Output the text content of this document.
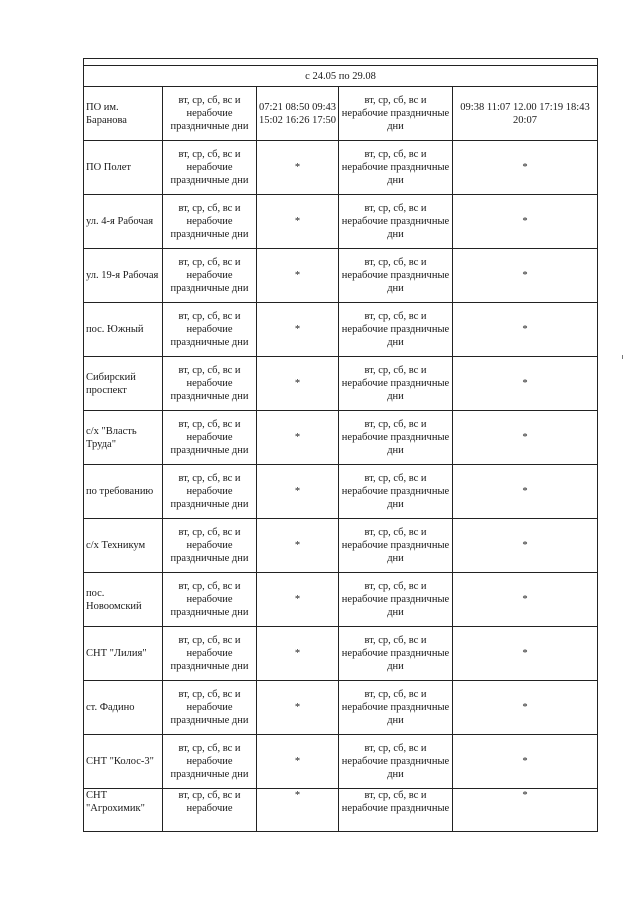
с 24.05 по 29.08				
ПО им. Баранова	вт, ср, сб, вс и нерабочие праздничные дни	07:21 08:50 09:43 15:02 16:26 17:50	вт, ср, сб, вс и нерабочие праздничные дни	09:38 11:07 12.00 17:19 18:43 20:07
ПО Полет	вт, ср, сб, вс и нерабочие праздничные дни	*	вт, ср, сб, вс и нерабочие праздничные дни	*
ул. 4-я Рабочая	вт, ср, сб, вс и нерабочие праздничные дни	*	вт, ср, сб, вс и нерабочие праздничные дни	*
ул. 19-я Рабочая	вт, ср, сб, вс и нерабочие праздничные дни	*	вт, ср, сб, вс и нерабочие праздничные дни	*
пос. Южный	вт, ср, сб, вс и нерабочие праздничные дни	*	вт, ср, сб, вс и нерабочие праздничные дни	*
Сибирский проспект	вт, ср, сб, вс и нерабочие праздничные дни	*	вт, ср, сб, вс и нерабочие праздничные дни	*
с/х "Власть Труда"	вт, ср, сб, вс и нерабочие праздничные дни	*	вт, ср, сб, вс и нерабочие праздничные дни	*
по требованию	вт, ср, сб, вс и нерабочие праздничные дни	*	вт, ср, сб, вс и нерабочие праздничные дни	*
с/х Техникум	вт, ср, сб, вс и нерабочие праздничные дни	*	вт, ср, сб, вс и нерабочие праздничные дни	*
пос. Новоомский	вт, ср, сб, вс и нерабочие праздничные дни	*	вт, ср, сб, вс и нерабочие праздничные дни	*
СНТ "Лилия"	вт, ср, сб, вс и нерабочие праздничные дни	*	вт, ср, сб, вс и нерабочие праздничные дни	*
ст. Фадино	вт, ср, сб, вс и нерабочие праздничные дни	*	вт, ср, сб, вс и нерабочие праздничные дни	*
СНТ "Колос-3"	вт, ср, сб, вс и нерабочие праздничные дни	*	вт, ср, сб, вс и нерабочие праздничные дни	*
СНТ "Агрохимик"	вт, ср, сб, вс и нерабочие	*	вт, ср, сб, вс и нерабочие праздничные	*
